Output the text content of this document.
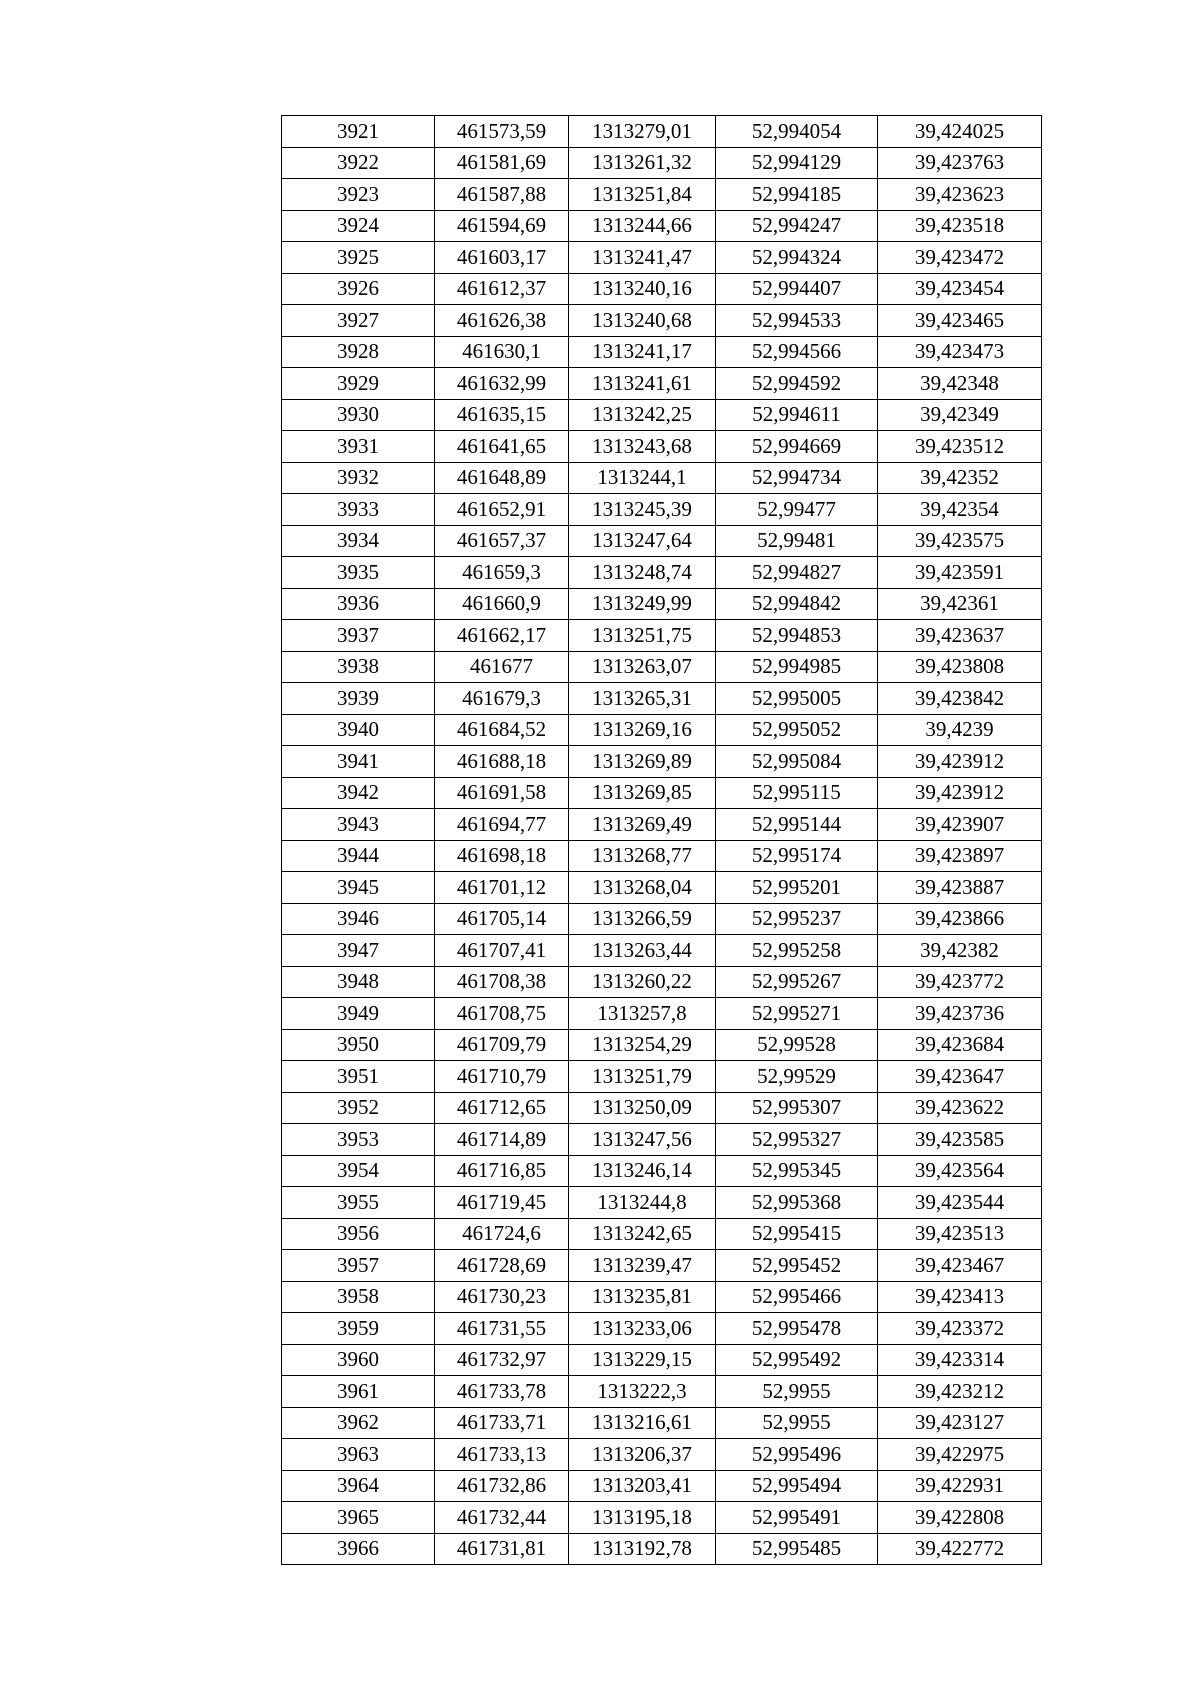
3921	461573,59	1313279,01	52,994054	39,424025
3922	461581,69	1313261,32	52,994129	39,423763
3923	461587,88	1313251,84	52,994185	39,423623
3924	461594,69	1313244,66	52,994247	39,423518
3925	461603,17	1313241,47	52,994324	39,423472
3926	461612,37	1313240,16	52,994407	39,423454
3927	461626,38	1313240,68	52,994533	39,423465
3928	461630,1	1313241,17	52,994566	39,423473
3929	461632,99	1313241,61	52,994592	39,42348
3930	461635,15	1313242,25	52,994611	39,42349
3931	461641,65	1313243,68	52,994669	39,423512
3932	461648,89	1313244,1	52,994734	39,42352
3933	461652,91	1313245,39	52,99477	39,42354
3934	461657,37	1313247,64	52,99481	39,423575
3935	461659,3	1313248,74	52,994827	39,423591
3936	461660,9	1313249,99	52,994842	39,42361
3937	461662,17	1313251,75	52,994853	39,423637
3938	461677	1313263,07	52,994985	39,423808
3939	461679,3	1313265,31	52,995005	39,423842
3940	461684,52	1313269,16	52,995052	39,4239
3941	461688,18	1313269,89	52,995084	39,423912
3942	461691,58	1313269,85	52,995115	39,423912
3943	461694,77	1313269,49	52,995144	39,423907
3944	461698,18	1313268,77	52,995174	39,423897
3945	461701,12	1313268,04	52,995201	39,423887
3946	461705,14	1313266,59	52,995237	39,423866
3947	461707,41	1313263,44	52,995258	39,42382
3948	461708,38	1313260,22	52,995267	39,423772
3949	461708,75	1313257,8	52,995271	39,423736
3950	461709,79	1313254,29	52,99528	39,423684
3951	461710,79	1313251,79	52,99529	39,423647
3952	461712,65	1313250,09	52,995307	39,423622
3953	461714,89	1313247,56	52,995327	39,423585
3954	461716,85	1313246,14	52,995345	39,423564
3955	461719,45	1313244,8	52,995368	39,423544
3956	461724,6	1313242,65	52,995415	39,423513
3957	461728,69	1313239,47	52,995452	39,423467
3958	461730,23	1313235,81	52,995466	39,423413
3959	461731,55	1313233,06	52,995478	39,423372
3960	461732,97	1313229,15	52,995492	39,423314
3961	461733,78	1313222,3	52,9955	39,423212
3962	461733,71	1313216,61	52,9955	39,423127
3963	461733,13	1313206,37	52,995496	39,422975
3964	461732,86	1313203,41	52,995494	39,422931
3965	461732,44	1313195,18	52,995491	39,422808
3966	461731,81	1313192,78	52,995485	39,422772
